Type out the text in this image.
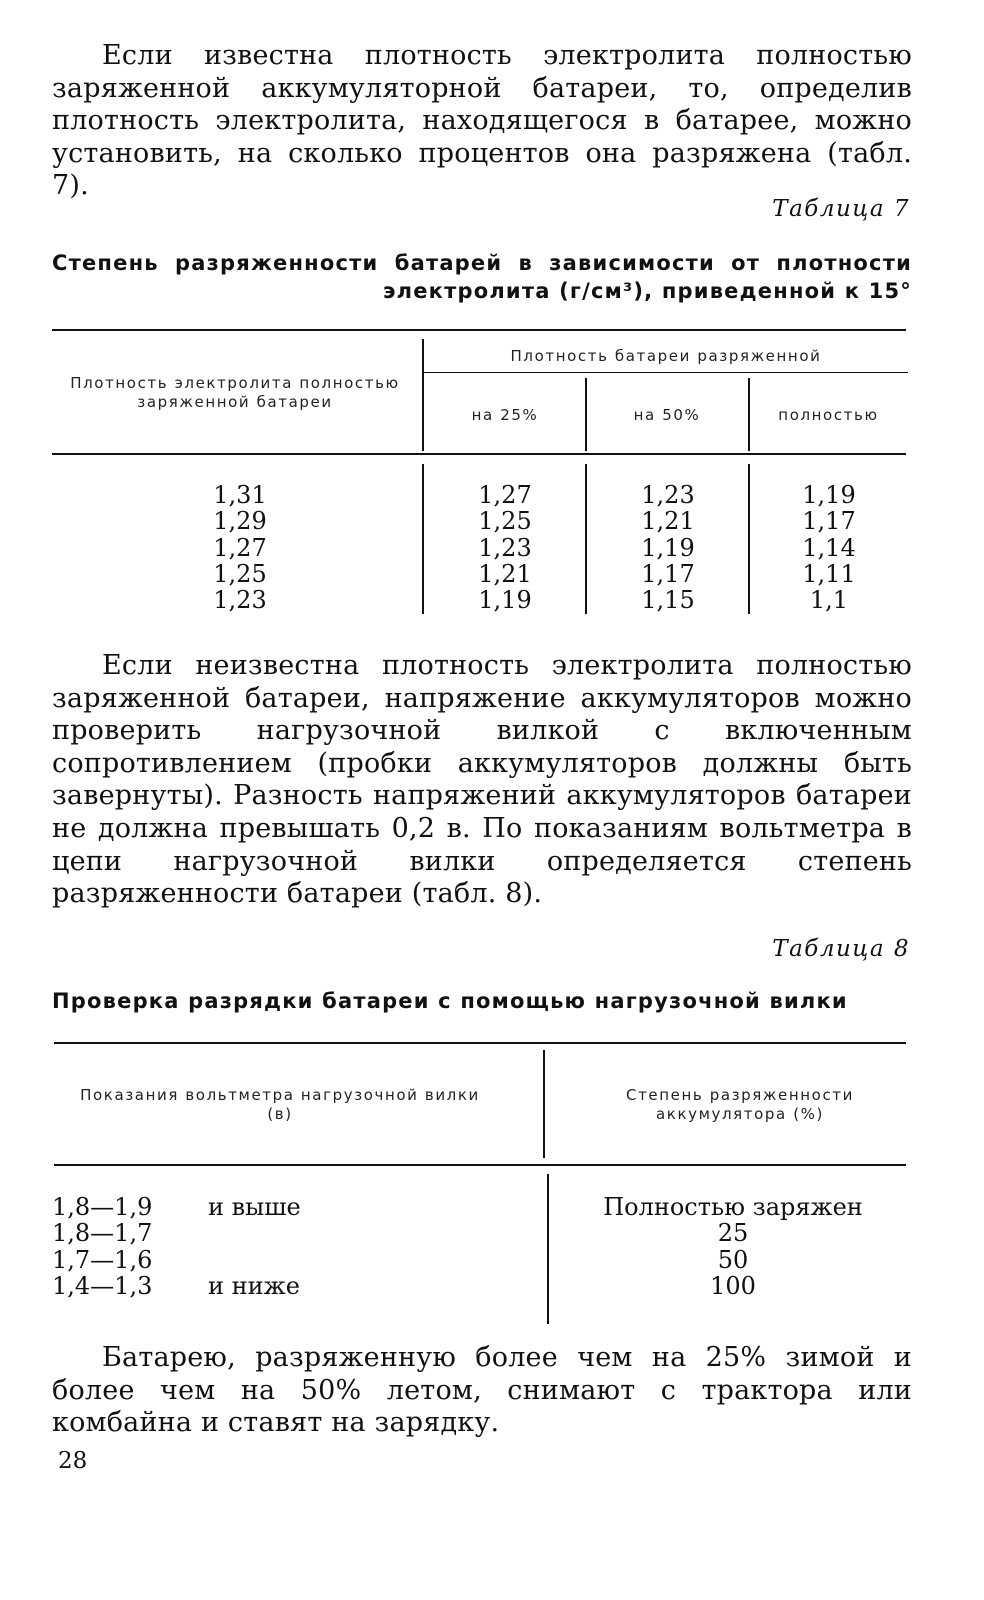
Если известна плотность электролита полностью заряженной аккумуляторной батареи, то, определив плотность электролита, находящегося в батарее, можно установить, на сколько процентов она разряжена (табл. 7).

Таблица 7
Степень разряженности батарей в зависимости от плотности
электролита (г/см³), приведенной к 15°
Плотность электролита полностью заряженной батареи
Плотность батареи разряженной
на 25%	на 50%	полностью
1,31
1,29
1,27
1,25
1,23
1,27
1,25
1,23
1,21
1,19
1,23
1,21
1,19
1,17
1,15
1,19
1,17
1,14
1,11
1,1

Если неизвестна плотность электролита полностью заряженной батареи, напряжение аккумуляторов можно проверить нагрузочной вилкой с включенным сопротивлением (пробки аккумуляторов должны быть завернуты). Разность напряжений аккумуляторов батареи не должна превышать 0,2 в. По показаниям вольтметра в цепи нагрузочной вилки определяется степень разряженности батареи (табл. 8).

Таблица 8
Проверка разрядки батареи с помощью нагрузочной вилки
Показания вольтметра нагрузочной вилки (в)
Степень разряженности аккумулятора (%)
1,8—1,9
1,8—1,7
1,7—1,6
1,4—1,3
и выше

и ниже
Полностью заряжен
25
50
100

Батарею, разряженную более чем на 25% зимой и более чем на 50% летом, снимают с трактора или комбайна и ставят на зарядку.

28
